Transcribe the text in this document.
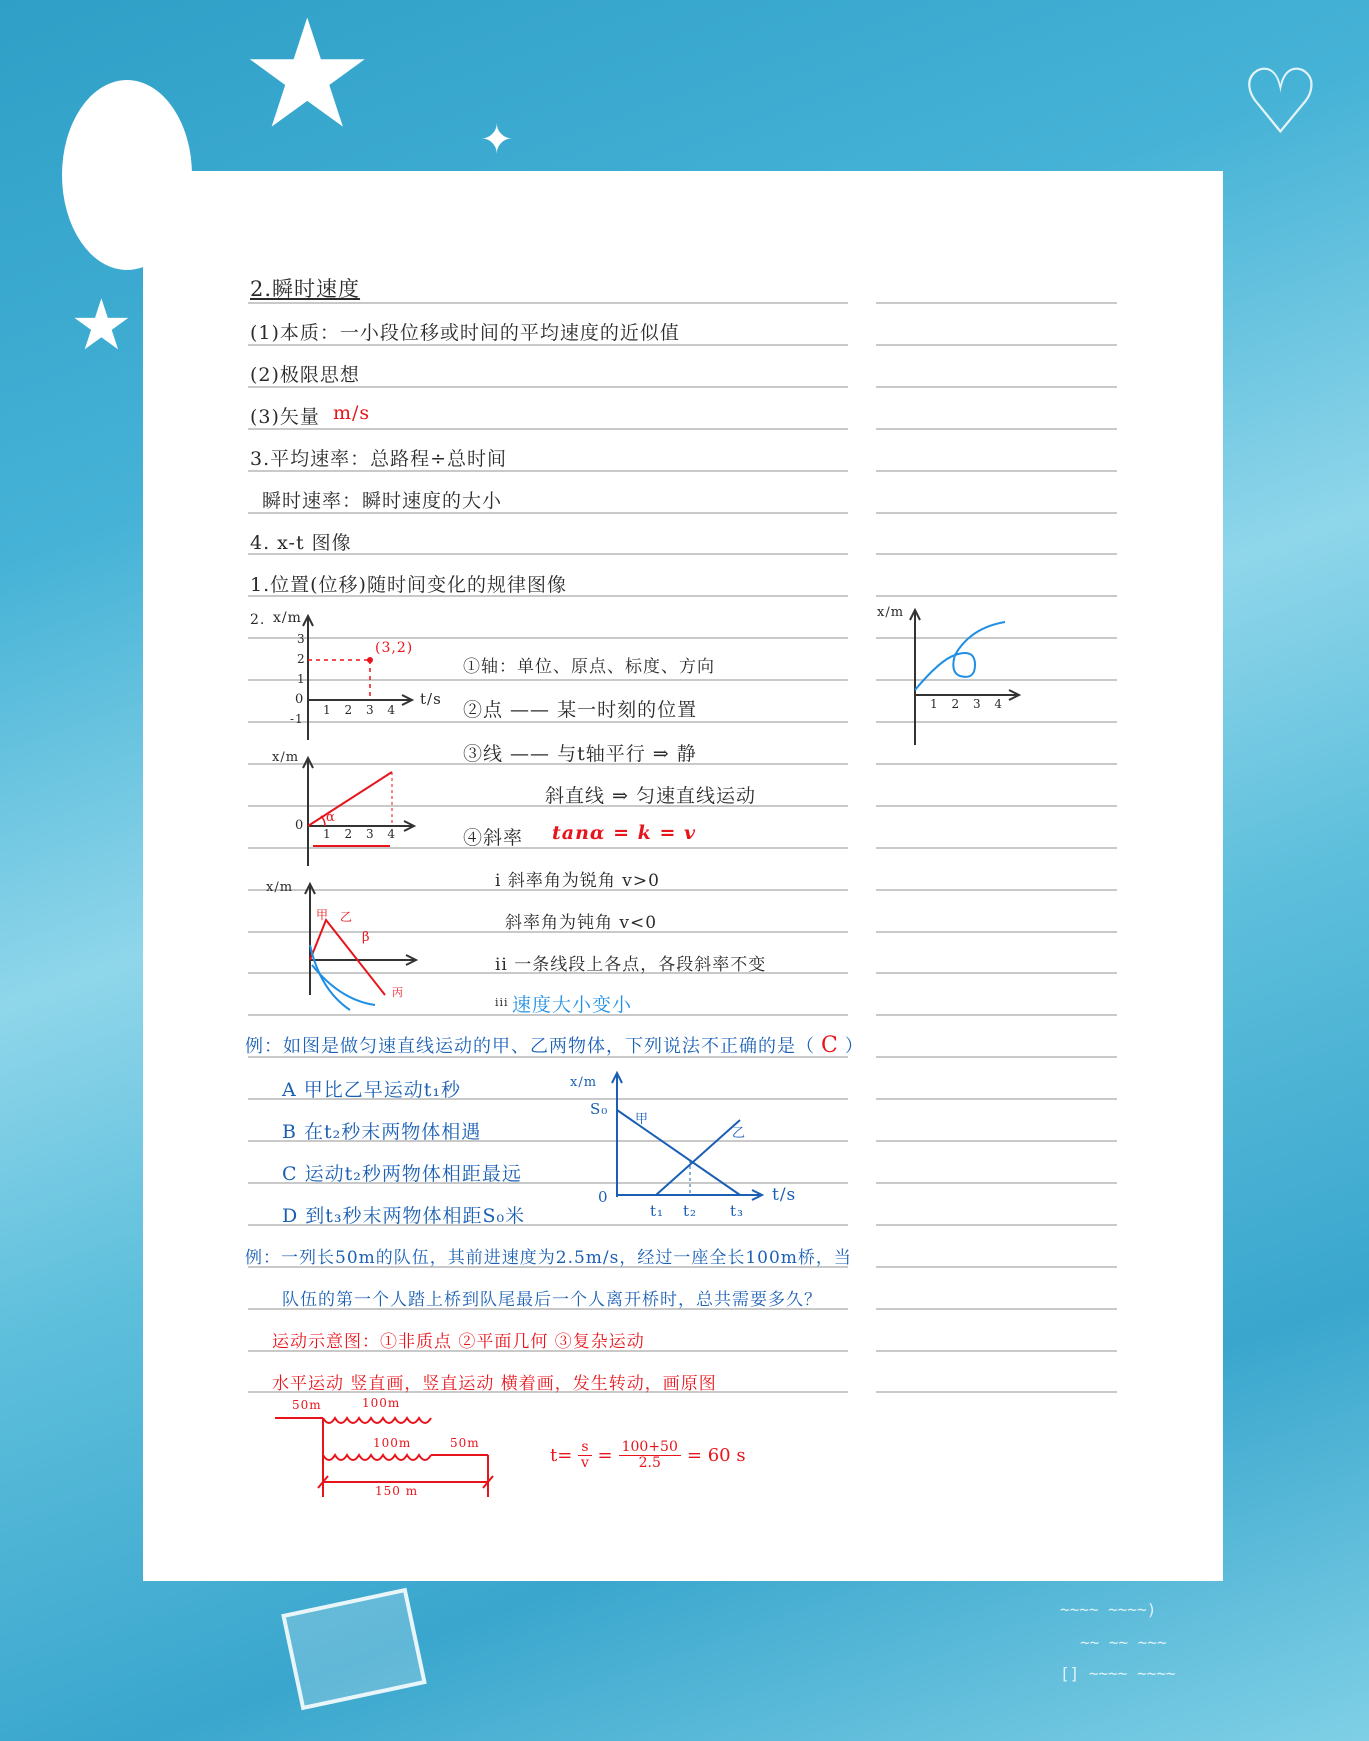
★
★
✦	♡
~~~~ ~~~~)
~~ ~~ ~~~
[] ~~~~ ~~~~
2.瞬时速度
(1)本质：一小段位移或时间的平均速度的近似值
(2)极限思想
(3)矢量 m/s
3.平均速率：总路程÷总时间
瞬时速率：瞬时速度的大小
4. x-t 图像
1.位置(位移)随时间变化的规律图像
2.
①轴：单位、原点、标度、方向
②点 —— 某一时刻的位置
③线 —— 与t轴平行 ⇒ 静
斜直线 ⇒ 匀速直线运动
④斜率 tanα = k = v
i 斜率角为锐角 v>0
斜率角为钝角 v<0
ii 一条线段上各点，各段斜率不变
iii 速度大小变小
x/m
t/s
(3,2)
3
2
1
0
-1
1 2 3 4
x/m
α
1 2 3 4
0
x/m
甲 乙
β
丙
x/m
1 2 3 4
例：如图是做匀速直线运动的甲、乙两物体，下列说法不正确的是（ C ）
A 甲比乙早运动t₁秒
B 在t₂秒末两物体相遇
C 运动t₂秒两物体相距最远
D 到t₃秒末两物体相距S₀米
x/m
S₀
甲
乙
0	t/s
t₁ t₂ t₃
例：一列长50m的队伍，其前进速度为2.5m/s，经过一座全长100m桥，当
队伍的第一个人踏上桥到队尾最后一个人离开桥时，总共需要多久？
运动示意图：①非质点 ②平面几何 ③复杂运动
水平运动 竖直画，竖直运动 横着画，发生转动，画原图
50m	100m
100m	50m
150 m
$t= \frac{s}{v} = \frac{100+50}{2.5} = 60$ s
